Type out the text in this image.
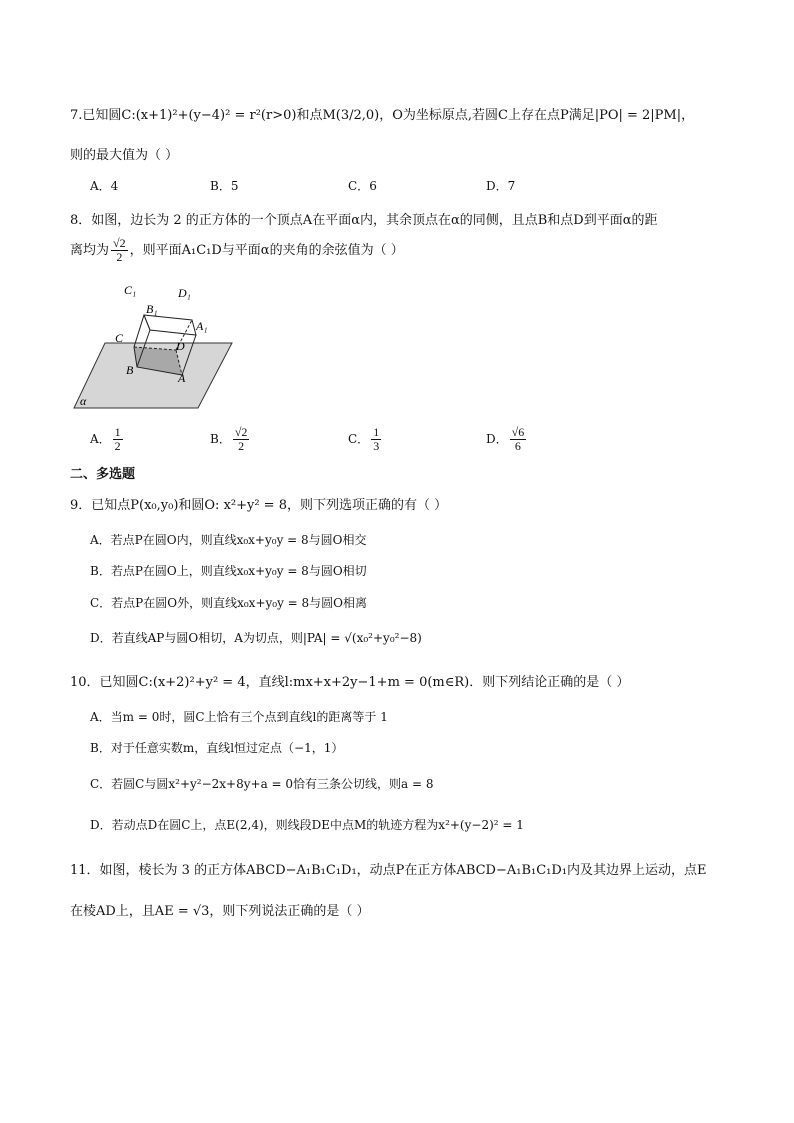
7.已知圆C:(x+1)²+(y−4)² = r²(r>0)和点M(3/2,0)，O为坐标原点,若圆C上存在点P满足|PO| = 2|PM|，
则的最大值为（ ）
A．4	B．5	C．6	D．7
8．如图，边长为 2 的正方体的一个顶点A在平面α内，其余顶点在α的同侧，且点B和点D到平面α的距
离均为 $\frac{√2}{2}$ ，则平面A₁C₁D与平面α的夹角的余弦值为（ ）
C₁	D₁
B₁
A₁
C
D
B
A
α
A． $\frac{1}{2}$	B． $\frac{√2}{2}$	C． $\frac{1}{3}$	D． $\frac{√6}{6}$
二、多选题
9．已知点P(x₀,y₀)和圆O: x²+y² = 8，则下列选项正确的有（ ）
A．若点P在圆O内，则直线x₀x+y₀y = 8与圆O相交
B．若点P在圆O上，则直线x₀x+y₀y = 8与圆O相切
C．若点P在圆O外，则直线x₀x+y₀y = 8与圆O相离
D．若直线AP与圆O相切，A为切点，则|PA| = √(x₀²+y₀²−8)
10．已知圆C:(x+2)²+y² = 4，直线l:mx+x+2y−1+m = 0(m∈R)．则下列结论正确的是（ ）
A．当m = 0时，圆C上恰有三个点到直线l的距离等于 1
B．对于任意实数m，直线l恒过定点（−1，1）
C．若圆C与圆x²+y²−2x+8y+a = 0恰有三条公切线，则a = 8
D．若动点D在圆C上，点E(2,4)，则线段DE中点M的轨迹方程为x²+(y−2)² = 1
11．如图，棱长为 3 的正方体ABCD−A₁B₁C₁D₁，动点P在正方体ABCD−A₁B₁C₁D₁内及其边界上运动，点E
在棱AD上，且AE = √3，则下列说法正确的是（ ）
